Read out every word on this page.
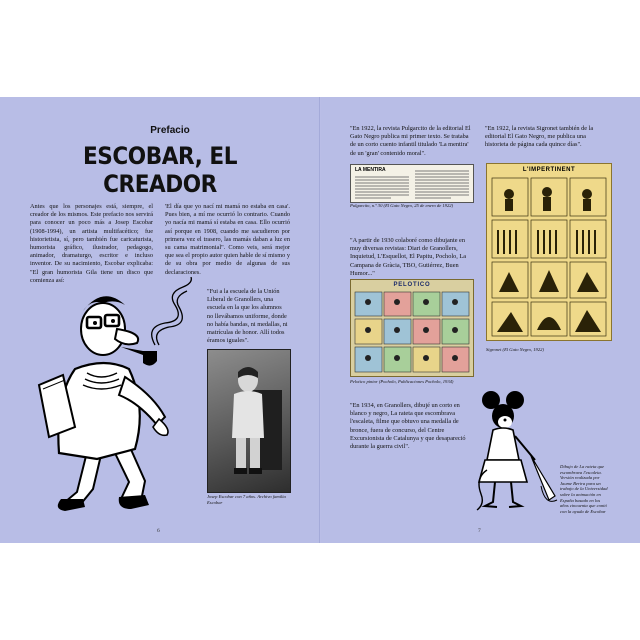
Prefacio
ESCOBAR, EL CREADOR

Antes que los personajes está, siempre, el creador de los mismos. Este prefacio nos servirá para conocer un poco más a Josep Escobar (1908-1994), un artista multifacético; fue historietista, sí, pero también fue caricaturista, humorista gráfico, ilustrador, pedagogo, animador, dramaturgo, escritor e incluso inventor. De su nacimiento, Escobar explicaba: "El gran humorista Gila tiene un disco que comienza así:

'El día que yo nací mi mamá no estaba en casa'. Pues bien, a mí me ocurrió lo contrario. Cuando yo nacía mi mamá sí estaba en casa. Ello ocurrió así porque en 1908, cuando me sacudieron por primera vez el trasero, las mamás daban a luz en su cama matrimonial". Como veis, será mejor que sea el propio autor quien hable de sí mismo y de su obra por medio de algunas de sus declaraciones.

"Fui a la escuela de la Unión Liberal de Granollers, una escuela en la que los alumnos no llevábamos uniforme, donde no había bandas, ni medallas, ni matrículas de honor. Allí todos éramos iguales".

Josep Escobar con 7 años. Archivo familia Escobar

6

"En 1922, la revista Pulgarcito de la editorial El Gato Negro publica mi primer texto. Se trataba de un corto cuento infantil titulado 'La mentira' de un 'gran' contenido moral".

"En 1922, la revista Sigronet también de la editorial El Gato Negro, me publica una historieta de página cada quince días".

LA MENTIRA

Pulgarcito, n.º 30 (El Gato Negro, 25 de enero de 1922)

L'IMPERTINENT

Sigronet (El Gato Negro, 1922)

"A partir de 1930 colaboré como dibujante en muy diversas revistas: Diari de Granollers, Inquietud, L'Esquellot, El Papitu, Pocholo, La Campana de Gràcia, TBO, Gutiérrez, Buen Humor..."

PELOTICO

Pelotico pintor (Pocholo, Publicaciones Pocholo, 1934)

"En 1934, en Granollers, dibujé un corto en blanco y negro, La rateta que escombrava l'escaleta, filme que obtuvo una medalla de bronce, fuera de concurso, del Centre Excursionista de Catalunya y que desapareció durante la guerra civil".

Dibujo de La rateta que escombrava l'escaleta. Versión realizada por Jaume Berira para un trabajo de la Universidad sobre la animación en España basado en los años cincuenta que contó con la ayuda de Escobar

7
